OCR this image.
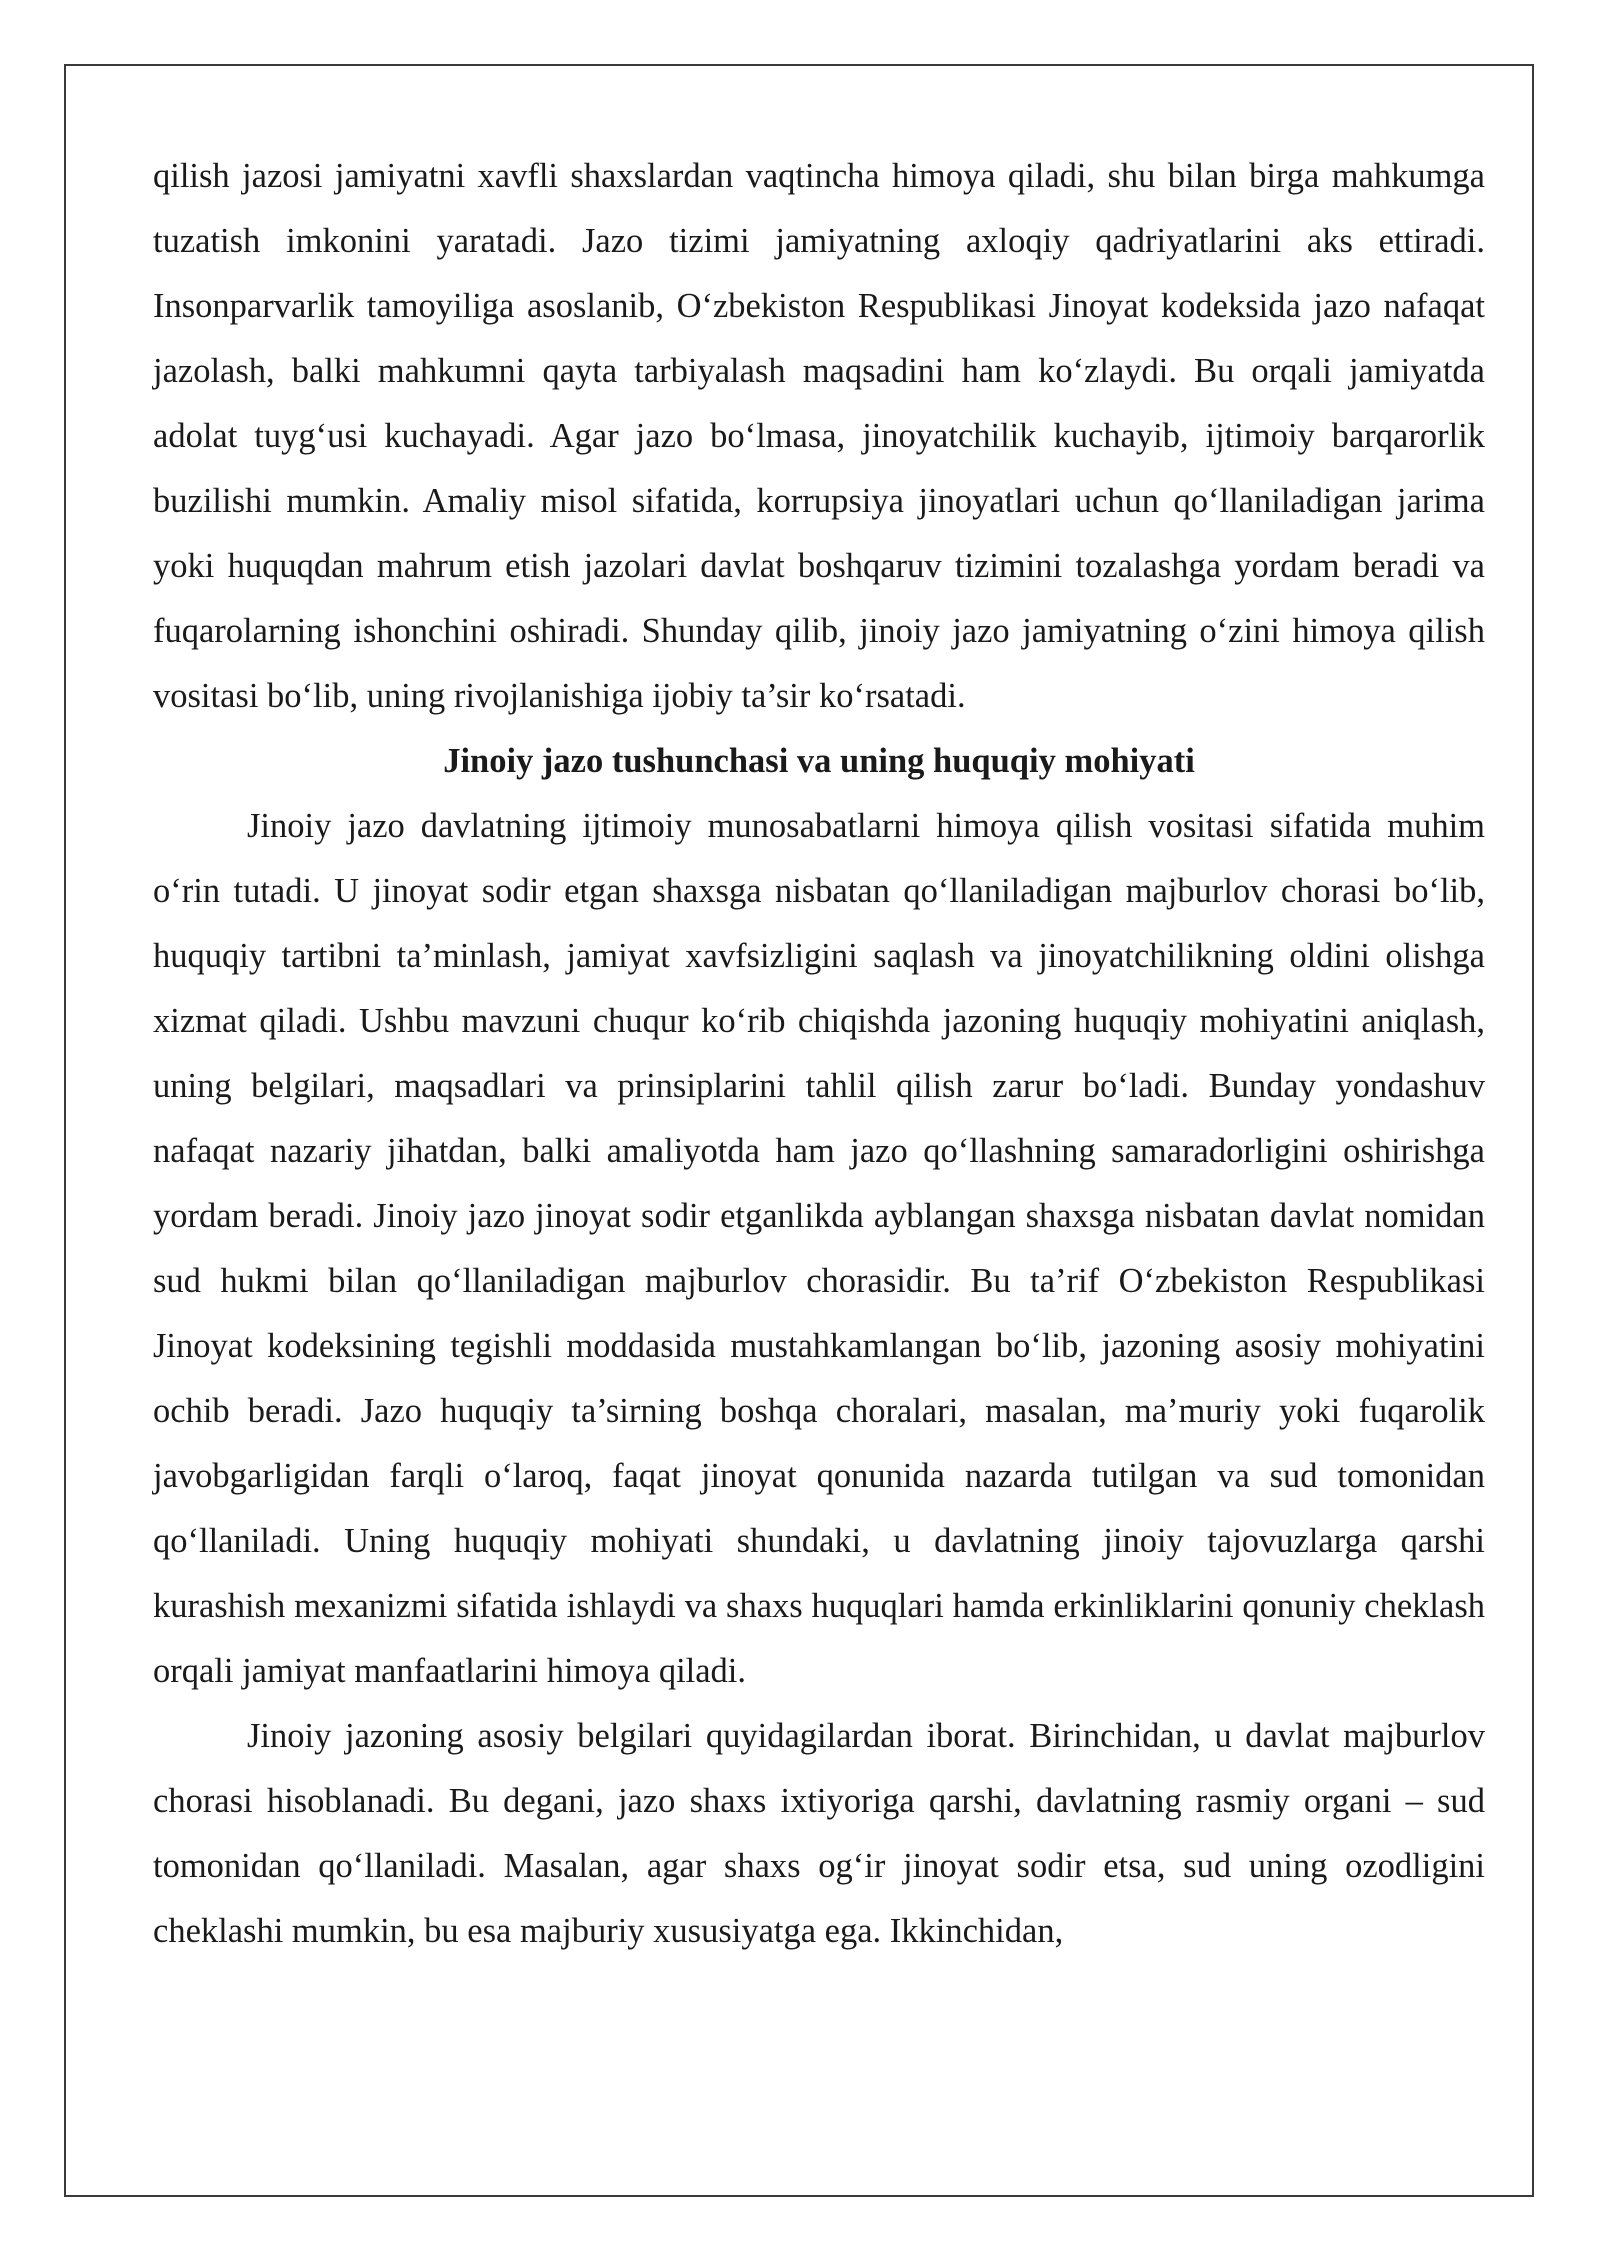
qilish jazosi jamiyatni xavfli shaxslardan vaqtincha himoya qiladi, shu bilan birga mahkumga tuzatish imkonini yaratadi. Jazo tizimi jamiyatning axloqiy qadriyatlarini aks ettiradi. Insonparvarlik tamoyiliga asoslanib, O‘zbekiston Respublikasi Jinoyat kodeksida jazo nafaqat jazolash, balki mahkumni qayta tarbiyalash maqsadini ham ko‘zlaydi. Bu orqali jamiyatda adolat tuyg‘usi kuchayadi. Agar jazo bo‘lmasa, jinoyatchilik kuchayib, ijtimoiy barqarorlik buzilishi mumkin. Amaliy misol sifatida, korrupsiya jinoyatlari uchun qo‘llaniladigan jarima yoki huquqdan mahrum etish jazolari davlat boshqaruv tizimini tozalashga yordam beradi va fuqarolarning ishonchini oshiradi. Shunday qilib, jinoiy jazo jamiyatning o‘zini himoya qilish vositasi bo‘lib, uning rivojlanishiga ijobiy ta’sir ko‘rsatadi.

Jinoiy jazo tushunchasi va uning huquqiy mohiyati

Jinoiy jazo davlatning ijtimoiy munosabatlarni himoya qilish vositasi sifatida muhim o‘rin tutadi. U jinoyat sodir etgan shaxsga nisbatan qo‘llaniladigan majburlov chorasi bo‘lib, huquqiy tartibni ta’minlash, jamiyat xavfsizligini saqlash va jinoyatchilikning oldini olishga xizmat qiladi. Ushbu mavzuni chuqur ko‘rib chiqishda jazoning huquqiy mohiyatini aniqlash, uning belgilari, maqsadlari va prinsiplarini tahlil qilish zarur bo‘ladi. Bunday yondashuv nafaqat nazariy jihatdan, balki amaliyotda ham jazo qo‘llashning samaradorligini oshirishga yordam beradi. Jinoiy jazo jinoyat sodir etganlikda ayblangan shaxsga nisbatan davlat nomidan sud hukmi bilan qo‘llaniladigan majburlov chorasidir. Bu ta’rif O‘zbekiston Respublikasi Jinoyat kodeksining tegishli moddasida mustahkamlangan bo‘lib, jazoning asosiy mohiyatini ochib beradi. Jazo huquqiy ta’sirning boshqa choralari, masalan, ma’muriy yoki fuqarolik javobgarligidan farqli o‘laroq, faqat jinoyat qonunida nazarda tutilgan va sud tomonidan qo‘llaniladi. Uning huquqiy mohiyati shundaki, u davlatning jinoiy tajovuzlarga qarshi kurashish mexanizmi sifatida ishlaydi va shaxs huquqlari hamda erkinliklarini qonuniy cheklash orqali jamiyat manfaatlarini himoya qiladi.

Jinoiy jazoning asosiy belgilari quyidagilardan iborat. Birinchidan, u davlat majburlov chorasi hisoblanadi. Bu degani, jazo shaxs ixtiyoriga qarshi, davlatning rasmiy organi – sud tomonidan qo‘llaniladi. Masalan, agar shaxs og‘ir jinoyat sodir etsa, sud uning ozodligini cheklashi mumkin, bu esa majburiy xususiyatga ega. Ikkinchidan,
